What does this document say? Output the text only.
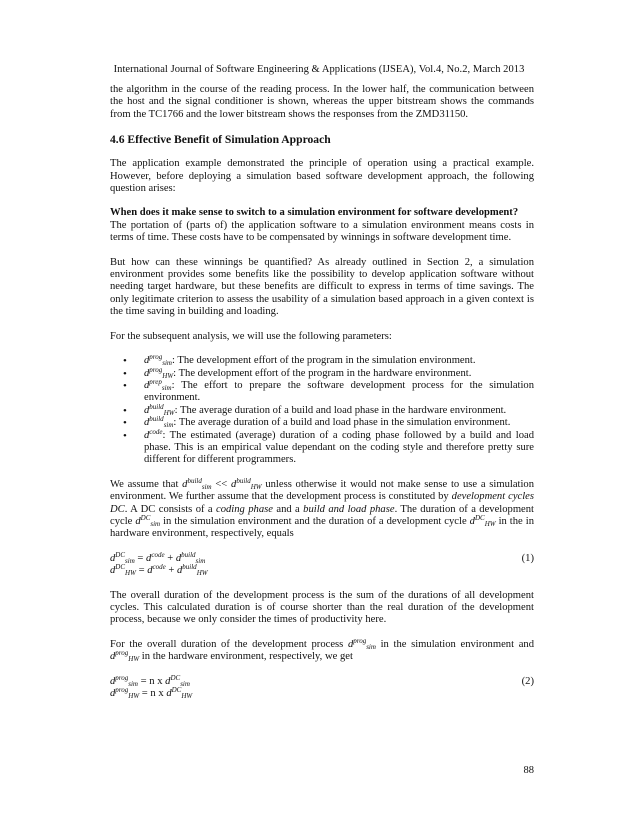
International Journal of Software Engineering & Applications (IJSEA), Vol.4, No.2, March 2013

the algorithm in the course of the reading process. In the lower half, the communication between the host and the signal conditioner is shown, whereas the upper bitstream shows the commands from the TC1766 and the lower bitstream shows the responses from the ZMD31150.

4.6 Effective Benefit of Simulation Approach

The application example demonstrated the principle of operation using a practical example. However, before deploying a simulation based software development approach, the following question arises:

When does it make sense to switch to a simulation environment for software development?
The portation of (parts of) the application software to a simulation environment means costs in terms of time. These costs have to be compensated by winnings in software development time.

But how can these winnings be quantified? As already outlined in Section 2, a simulation environment provides some benefits like the possibility to develop application software without needing target hardware, but these benefits are difficult to express in terms of time savings. The only legitimate criterion to assess the usability of a simulation based approach in a given context is the time saving in building and loading.

For the subsequent analysis, we will use the following parameters:

• $d^{prog}_{sim}$: The development effort of the program in the simulation environment.
• $d^{prog}_{HW}$: The development effort of the program in the hardware environment.
• $d^{prep}_{sim}$: The effort to prepare the software development process for the simulation environment.
• $d^{build}_{HW}$: The average duration of a build and load phase in the hardware environment.
• $d^{build}_{sim}$: The average duration of a build and load phase in the simulation environment.
• $d^{code}$: The estimated (average) duration of a coding phase followed by a build and load phase. This is an empirical value dependant on the coding style and therefore pretty sure different for different programmers.

We assume that $d^{build}_{sim} << d^{build}_{HW}$ unless otherwise it would not make sense to use a simulation environment. We further assume that the development process is constituted by development cycles DC. A DC consists of a coding phase and a build and load phase. The duration of a development cycle $d^{DC}_{sim}$ in the simulation environment and the duration of a development cycle $d^{DC}_{HW}$ in the in hardware environment, respectively, equals

$d^{DC}_{sim} = d^{code} + d^{build}_{sim}$	(1)
$d^{DC}_{HW} = d^{code} + d^{build}_{HW}$

The overall duration of the development process is the sum of the durations of all development cycles. This calculated duration is of course shorter than the real duration of the development process, because we only consider the times of productivity here.

For the overall duration of the development process $d^{prog}_{sim}$ in the simulation environment and $d^{prog}_{HW}$ in the hardware environment, respectively, we get

$d^{prog}_{sim} = n$ x $d^{DC}_{sim}$	(2)
$d^{prog}_{HW} = n$ x $d^{DC}_{HW}$
88
